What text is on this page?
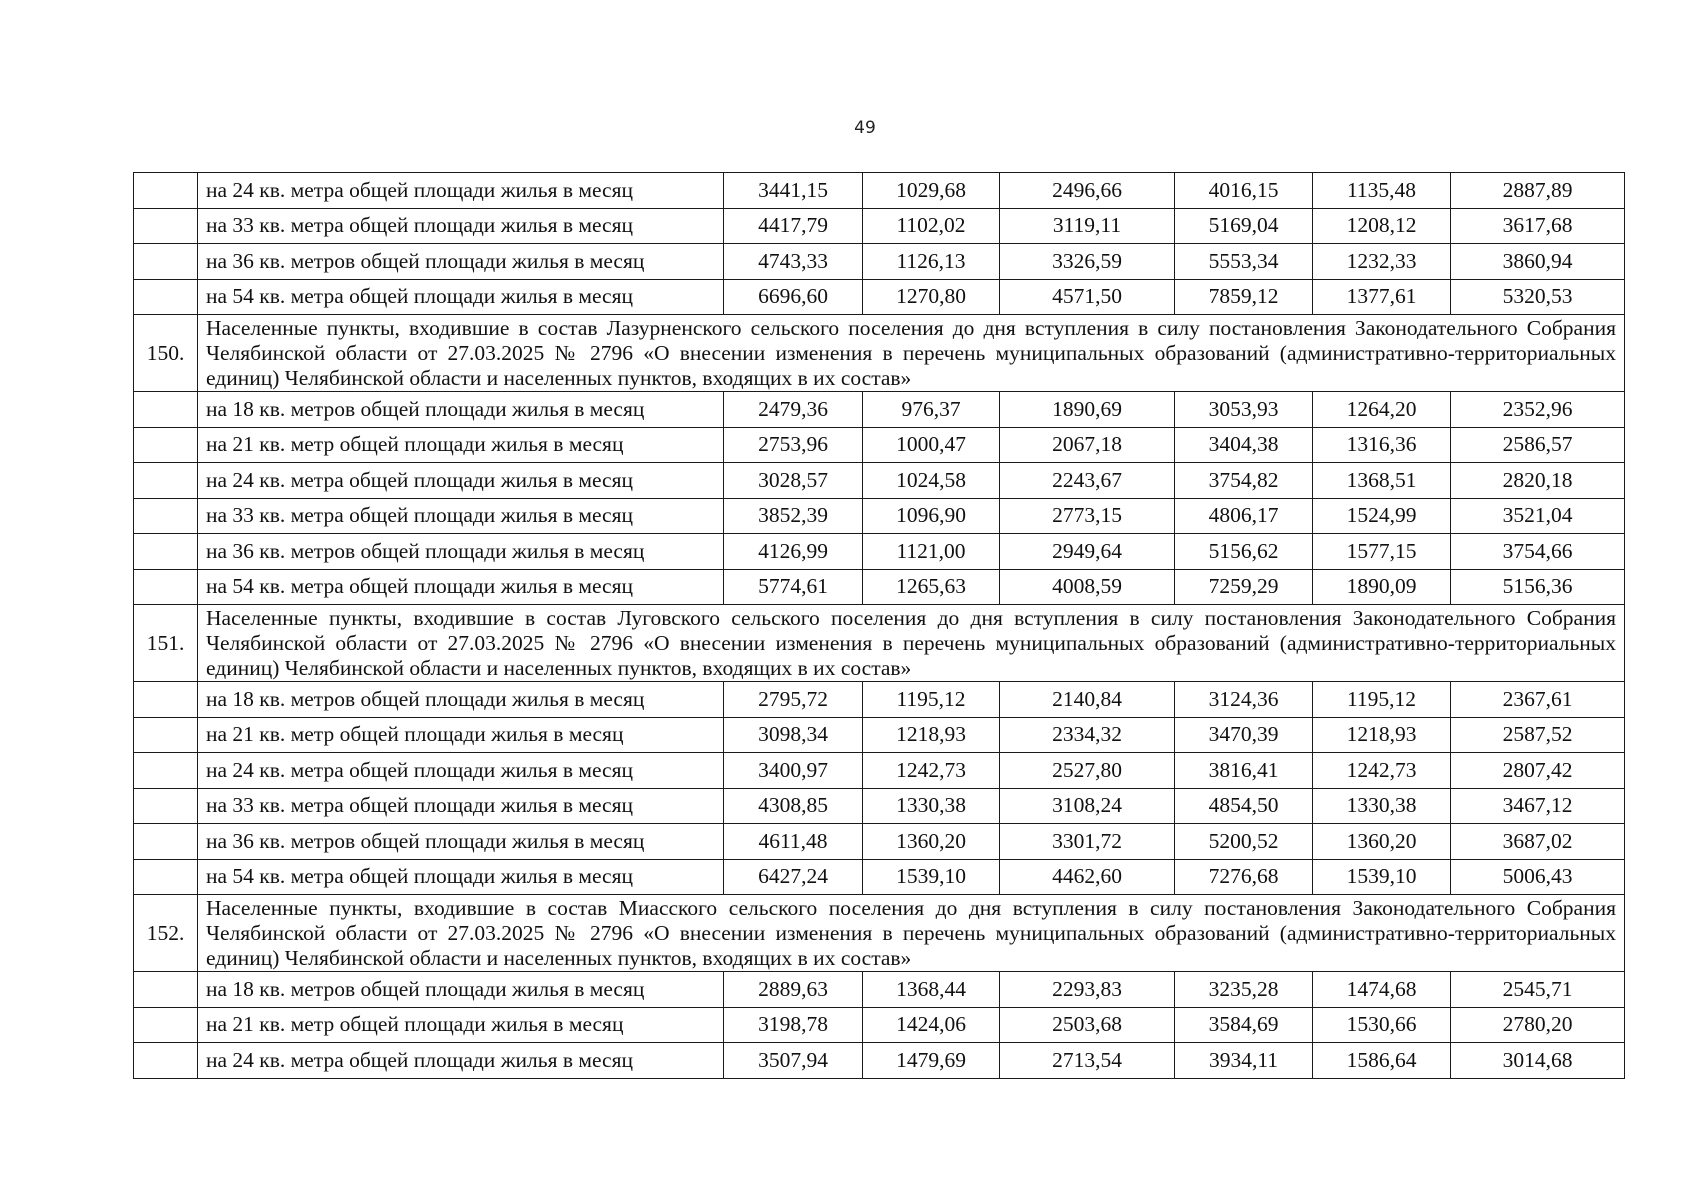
49
	на 24 кв. метра общей площади жилья в месяц	3441,15	1029,68	2496,66	4016,15	1135,48	2887,89
	на 33 кв. метра общей площади жилья в месяц	4417,79	1102,02	3119,11	5169,04	1208,12	3617,68
	на 36 кв. метров общей площади жилья в месяц	4743,33	1126,13	3326,59	5553,34	1232,33	3860,94
	на 54 кв. метра общей площади жилья в месяц	6696,60	1270,80	4571,50	7859,12	1377,61	5320,53
150.	Населенные пункты, входившие в состав Лазурненского сельского поселения до дня вступления в силу постановления Законодательного Собрания Челябинской области от 27.03.2025 № 2796 «О внесении изменения в перечень муниципальных образований (административно-территориальных единиц) Челябинской области и населенных пунктов, входящих в их состав»						
	на 18 кв. метров общей площади жилья в месяц	2479,36	976,37	1890,69	3053,93	1264,20	2352,96
	на 21 кв. метр общей площади жилья в месяц	2753,96	1000,47	2067,18	3404,38	1316,36	2586,57
	на 24 кв. метра общей площади жилья в месяц	3028,57	1024,58	2243,67	3754,82	1368,51	2820,18
	на 33 кв. метра общей площади жилья в месяц	3852,39	1096,90	2773,15	4806,17	1524,99	3521,04
	на 36 кв. метров общей площади жилья в месяц	4126,99	1121,00	2949,64	5156,62	1577,15	3754,66
	на 54 кв. метра общей площади жилья в месяц	5774,61	1265,63	4008,59	7259,29	1890,09	5156,36
151.	Населенные пункты, входившие в состав Луговского сельского поселения до дня вступления в силу постановления Законодательного Собрания Челябинской области от 27.03.2025 № 2796 «О внесении изменения в перечень муниципальных образований (административно-территориальных единиц) Челябинской области и населенных пунктов, входящих в их состав»						
	на 18 кв. метров общей площади жилья в месяц	2795,72	1195,12	2140,84	3124,36	1195,12	2367,61
	на 21 кв. метр общей площади жилья в месяц	3098,34	1218,93	2334,32	3470,39	1218,93	2587,52
	на 24 кв. метра общей площади жилья в месяц	3400,97	1242,73	2527,80	3816,41	1242,73	2807,42
	на 33 кв. метра общей площади жилья в месяц	4308,85	1330,38	3108,24	4854,50	1330,38	3467,12
	на 36 кв. метров общей площади жилья в месяц	4611,48	1360,20	3301,72	5200,52	1360,20	3687,02
	на 54 кв. метра общей площади жилья в месяц	6427,24	1539,10	4462,60	7276,68	1539,10	5006,43
152.	Населенные пункты, входившие в состав Миасского сельского поселения до дня вступления в силу постановления Законодательного Собрания Челябинской области от 27.03.2025 № 2796 «О внесении изменения в перечень муниципальных образований (административно-территориальных единиц) Челябинской области и населенных пунктов, входящих в их состав»						
	на 18 кв. метров общей площади жилья в месяц	2889,63	1368,44	2293,83	3235,28	1474,68	2545,71
	на 21 кв. метр общей площади жилья в месяц	3198,78	1424,06	2503,68	3584,69	1530,66	2780,20
	на 24 кв. метра общей площади жилья в месяц	3507,94	1479,69	2713,54	3934,11	1586,64	3014,68
